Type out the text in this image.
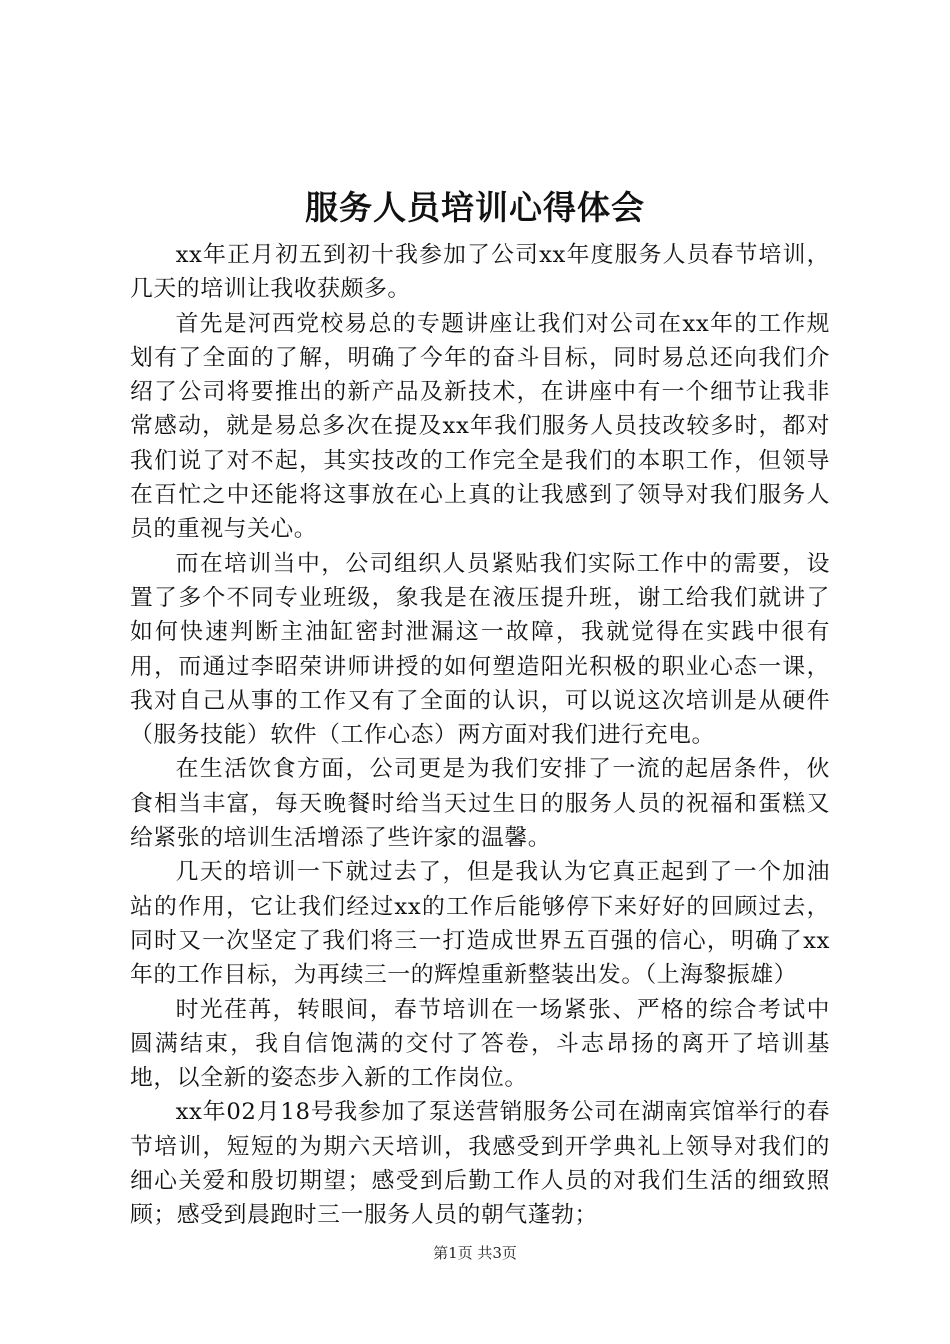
服务人员培训心得体会

xx年正月初五到初十我参加了公司xx年度服务人员春节培训，几天的培训让我收获颇多。

首先是河西党校易总的专题讲座让我们对公司在xx年的工作规划有了全面的了解，明确了今年的奋斗目标，同时易总还向我们介绍了公司将要推出的新产品及新技术，在讲座中有一个细节让我非常感动，就是易总多次在提及xx年我们服务人员技改较多时，都对我们说了对不起，其实技改的工作完全是我们的本职工作，但领导在百忙之中还能将这事放在心上真的让我感到了领导对我们服务人员的重视与关心。

而在培训当中，公司组织人员紧贴我们实际工作中的需要，设置了多个不同专业班级，象我是在液压提升班，谢工给我们就讲了如何快速判断主油缸密封泄漏这一故障，我就觉得在实践中很有用，而通过李昭荣讲师讲授的如何塑造阳光积极的职业心态一课，我对自己从事的工作又有了全面的认识，可以说这次培训是从硬件（服务技能）软件（工作心态）两方面对我们进行充电。

在生活饮食方面，公司更是为我们安排了一流的起居条件，伙食相当丰富，每天晚餐时给当天过生日的服务人员的祝福和蛋糕又给紧张的培训生活增添了些许家的温馨。

几天的培训一下就过去了，但是我认为它真正起到了一个加油站的作用，它让我们经过xx的工作后能够停下来好好的回顾过去，同时又一次坚定了我们将三一打造成世界五百强的信心，明确了xx年的工作目标，为再续三一的辉煌重新整装出发。（上海黎振雄）

时光荏苒，转眼间，春节培训在一场紧张、严格的综合考试中圆满结束，我自信饱满的交付了答卷，斗志昂扬的离开了培训基地，以全新的姿态步入新的工作岗位。

xx年02月18号我参加了泵送营销服务公司在湖南宾馆举行的春节培训，短短的为期六天培训，我感受到开学典礼上领导对我们的细心关爱和殷切期望；感受到后勤工作人员的对我们生活的细致照顾；感受到晨跑时三一服务人员的朝气蓬勃；

第1页 共3页
